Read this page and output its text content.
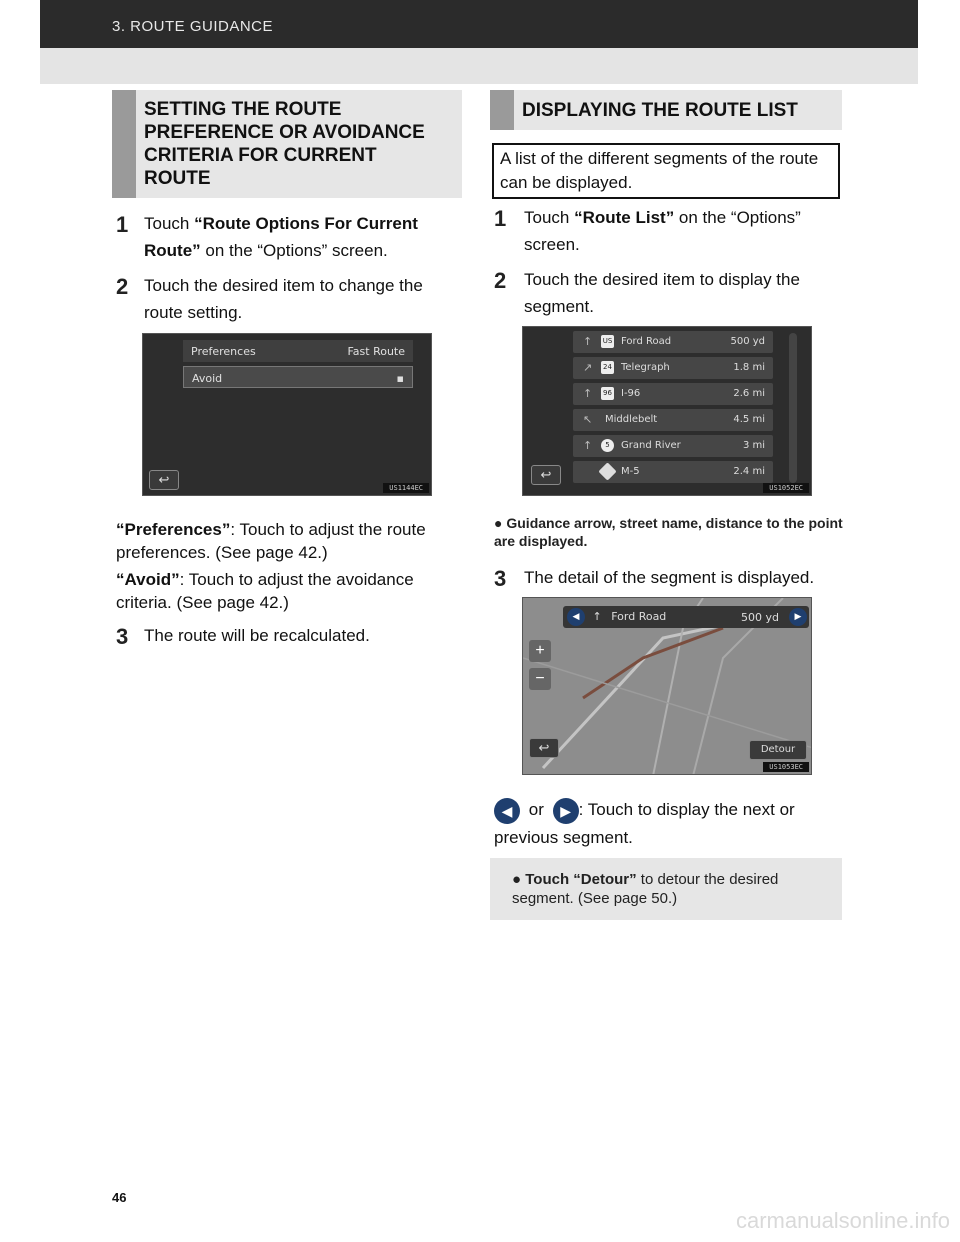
3. ROUTE GUIDANCE
SETTING THE ROUTE
PREFERENCE OR AVOIDANCE
CRITERIA FOR CURRENT
ROUTE
1 Touch “Route Options For Current Route” on the “Options” screen.
2 Touch the desired item to change the route setting.
Preferences	Fast Route
Avoid	▪
↩
US1144EC
“Preferences”: Touch to adjust the route preferences. (See page 42.)
“Avoid”: Touch to adjust the avoidance criteria. (See page 42.)
3 The route will be recalculated.
DISPLAYING THE ROUTE LIST
A list of the different segments of the route can be displayed.
1 Touch “Route List” on the “Options” screen.
2 Touch the desired item to display the segment.
↑ US Ford Road	500 yd
↗ 24 Telegraph	1.8 mi
↑ 96 I-96	2.6 mi
↖ Middlebelt	4.5 mi
↑	5	Grand River	3 mi
M-5	2.4 mi
↩
US1052EC
● Guidance arrow, street name, distance to the point are displayed.
3 The detail of the segment is displayed.
◀ ↑ Ford Road	500 yd	▶
+
−
↩	Detour
US1053EC
◀ or ▶ : Touch to display the next or previous segment.
● Touch “Detour” to detour the desired segment. (See page 50.)
46
carmanualsonline.info
